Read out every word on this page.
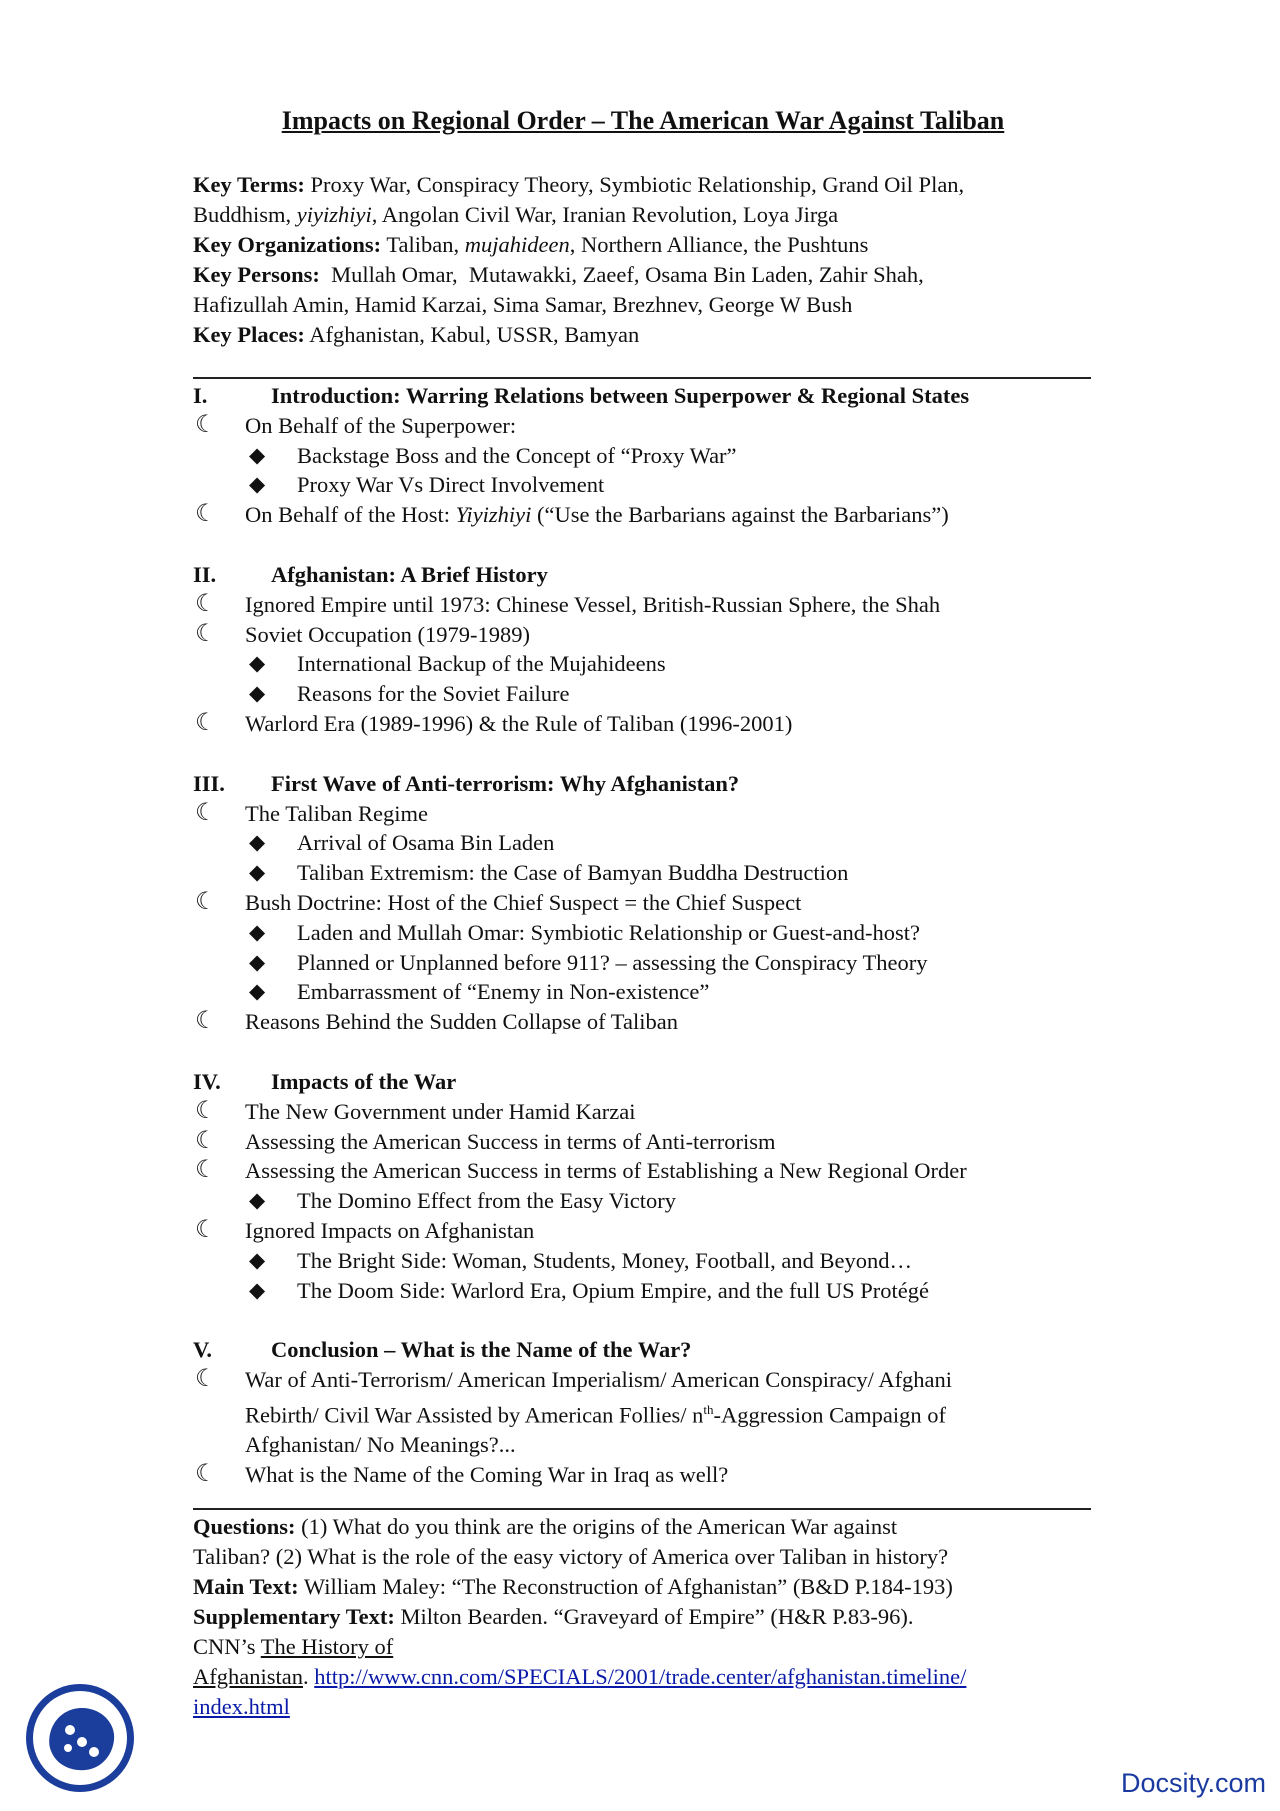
Impacts on Regional Order – The American War Against Taliban
Key Terms: Proxy War, Conspiracy Theory, Symbiotic Relationship, Grand Oil Plan,
Buddhism, yiyizhiyi, Angolan Civil War, Iranian Revolution, Loya Jirga
Key Organizations: Taliban, mujahideen, Northern Alliance, the Pushtuns
Key Persons:  Mullah Omar,  Mutawakki, Zaeef, Osama Bin Laden, Zahir Shah,
Hafizullah Amin, Hamid Karzai, Sima Samar, Brezhnev, George W Bush
Key Places: Afghanistan, Kabul, USSR, Bamyan
I.	Introduction: Warring Relations between Superpower & Regional States
☾ On Behalf of the Superpower:
◆ Backstage Boss and the Concept of “Proxy War”
◆ Proxy War Vs Direct Involvement
☾ On Behalf of the Host: Yiyizhiyi (“Use the Barbarians against the Barbarians”)
II. Afghanistan: A Brief History
☾ Ignored Empire until 1973: Chinese Vessel, British-Russian Sphere, the Shah
☾ Soviet Occupation (1979-1989)
◆ International Backup of the Mujahideens
◆ Reasons for the Soviet Failure
☾ Warlord Era (1989-1996) & the Rule of Taliban (1996-2001)
III. First Wave of Anti-terrorism: Why Afghanistan?
☾ The Taliban Regime
◆ Arrival of Osama Bin Laden
◆ Taliban Extremism: the Case of Bamyan Buddha Destruction
☾ Bush Doctrine: Host of the Chief Suspect = the Chief Suspect
◆ Laden and Mullah Omar: Symbiotic Relationship or Guest-and-host?
◆ Planned or Unplanned before 911? – assessing the Conspiracy Theory
◆ Embarrassment of “Enemy in Non-existence”
☾ Reasons Behind the Sudden Collapse of Taliban
IV. Impacts of the War
☾ The New Government under Hamid Karzai
☾ Assessing the American Success in terms of Anti-terrorism
☾ Assessing the American Success in terms of Establishing a New Regional Order
◆ The Domino Effect from the Easy Victory
☾ Ignored Impacts on Afghanistan
◆ The Bright Side: Woman, Students, Money, Football, and Beyond…
◆ The Doom Side: Warlord Era, Opium Empire, and the full US Protégé
V.	Conclusion – What is the Name of the War?
☾ War of Anti-Terrorism/ American Imperialism/ American Conspiracy/ Afghani
Rebirth/ Civil War Assisted by American Follies/ $n^{th}$-Aggression Campaign of
Afghanistan/ No Meanings?...
☾ What is the Name of the Coming War in Iraq as well?
Questions: (1) What do you think are the origins of the American War against
Taliban? (2) What is the role of the easy victory of America over Taliban in history?
Main Text: William Maley: “The Reconstruction of Afghanistan” (B&D P.184-193)
Supplementary Text: Milton Bearden. “Graveyard of Empire” (H&R P.83-96).
CNN’s The History of
Afghanistan. http://www.cnn.com/SPECIALS/2001/trade.center/afghanistan.timeline/
index.html
Docsity.com
